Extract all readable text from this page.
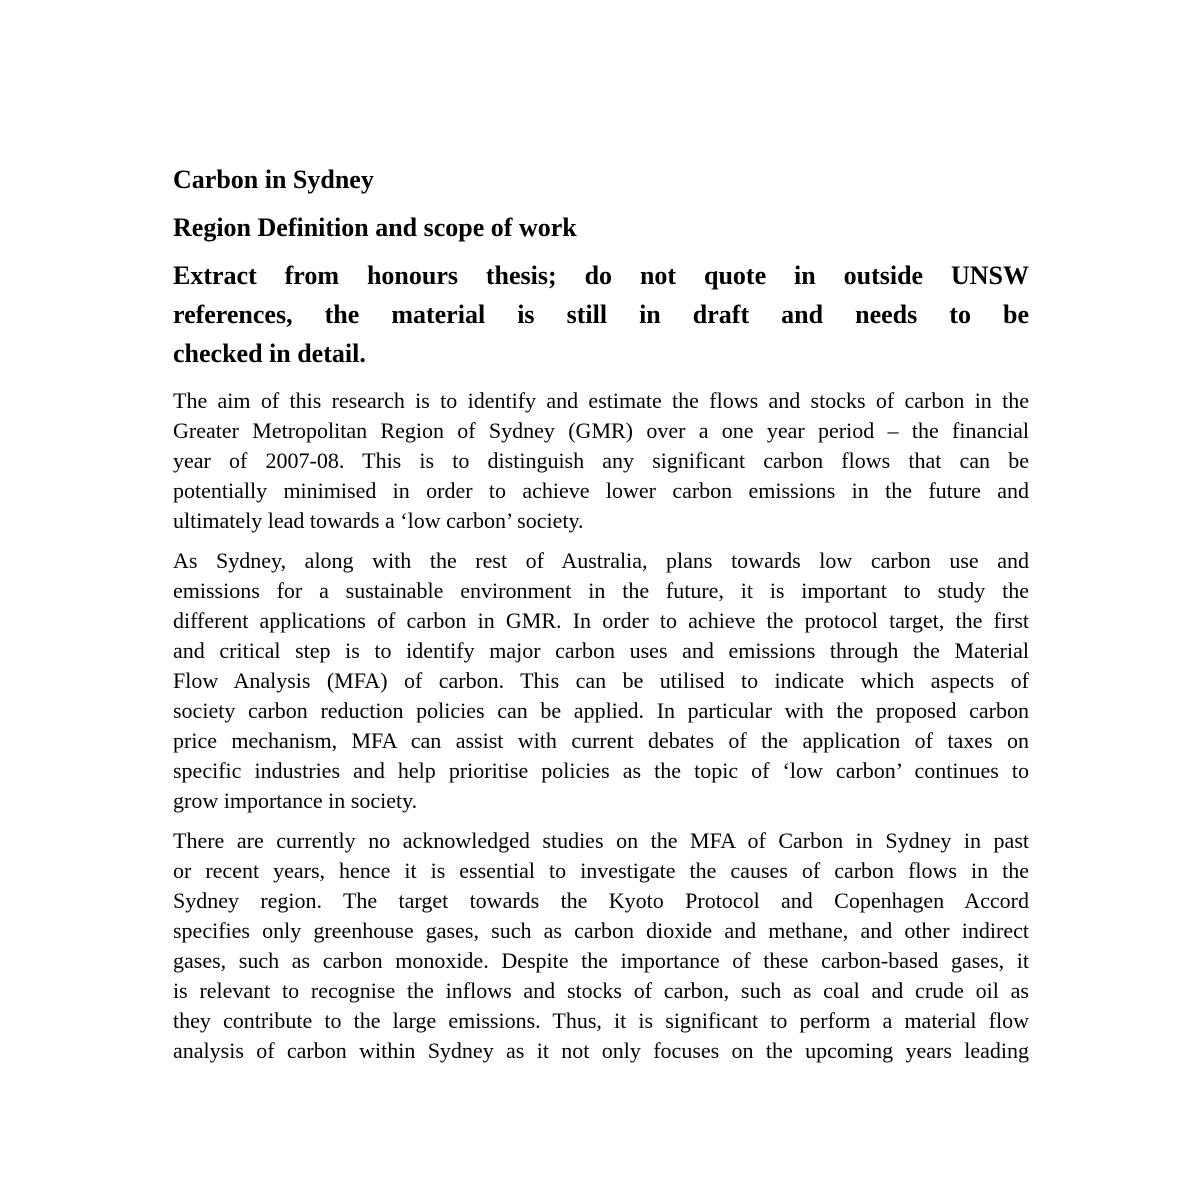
Carbon in Sydney
Region Definition and scope of work
Extract from honours thesis; do not quote in outside UNSW
references, the material is still in draft and needs to be
checked in detail.
The aim of this research is to identify and estimate the flows and stocks of carbon in the
Greater Metropolitan Region of Sydney (GMR) over a one year period – the financial
year of 2007-08. This is to distinguish any significant carbon flows that can be
potentially minimised in order to achieve lower carbon emissions in the future and
ultimately lead towards a ‘low carbon’ society.
As Sydney, along with the rest of Australia, plans towards low carbon use and
emissions for a sustainable environment in the future, it is important to study the
different applications of carbon in GMR. In order to achieve the protocol target, the first
and critical step is to identify major carbon uses and emissions through the Material
Flow Analysis (MFA) of carbon. This can be utilised to indicate which aspects of
society carbon reduction policies can be applied. In particular with the proposed carbon
price mechanism, MFA can assist with current debates of the application of taxes on
specific industries and help prioritise policies as the topic of ‘low carbon’ continues to
grow importance in society.
There are currently no acknowledged studies on the MFA of Carbon in Sydney in past
or recent years, hence it is essential to investigate the causes of carbon flows in the
Sydney region. The target towards the Kyoto Protocol and Copenhagen Accord
specifies only greenhouse gases, such as carbon dioxide and methane, and other indirect
gases, such as carbon monoxide. Despite the importance of these carbon-based gases, it
is relevant to recognise the inflows and stocks of carbon, such as coal and crude oil as
they contribute to the large emissions. Thus, it is significant to perform a material flow
analysis of carbon within Sydney as it not only focuses on the upcoming years leading
